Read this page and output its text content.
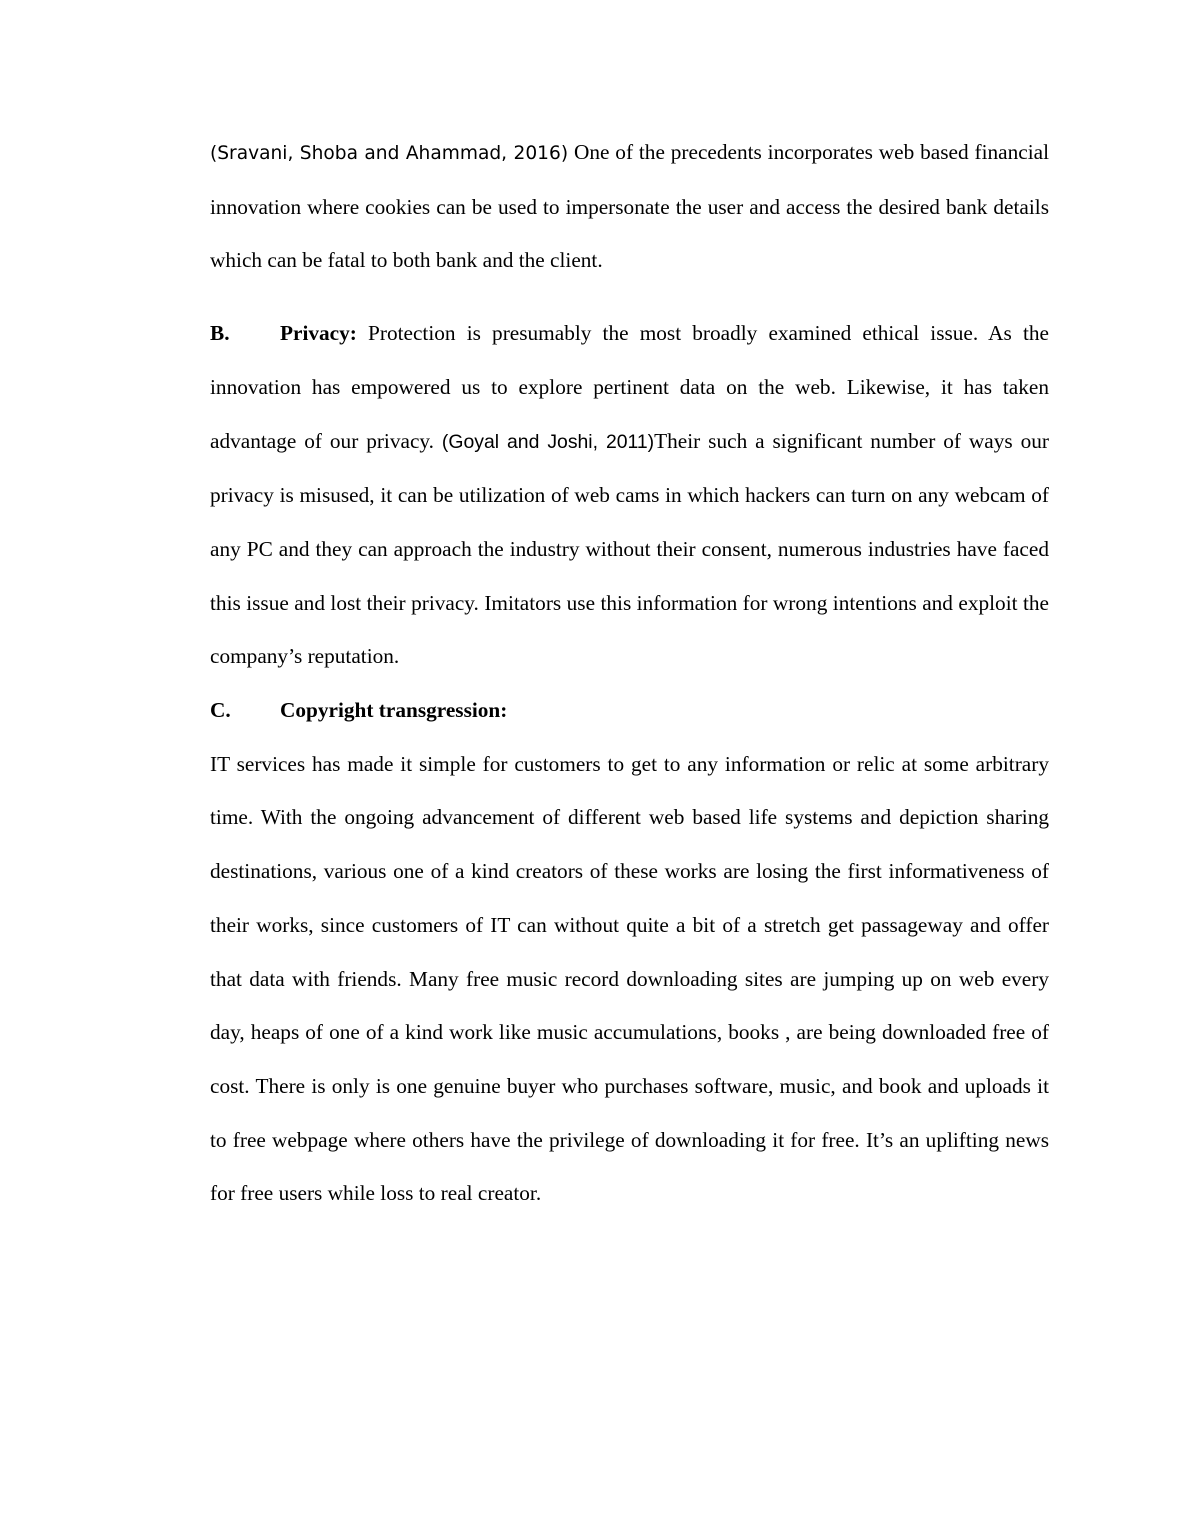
(Sravani, Shoba and Ahammad, 2016) One of the precedents incorporates web based financial innovation where cookies can be used to impersonate the user and access the desired bank details which can be fatal to both bank and the client.

B. Privacy: Protection is presumably the most broadly examined ethical issue. As the innovation has empowered us to explore pertinent data on the web. Likewise, it has taken advantage of our privacy. (Goyal and Joshi, 2011)Their such a significant number of ways our privacy is misused, it can be utilization of web cams in which hackers can turn on any webcam of any PC and they can approach the industry without their consent, numerous industries have faced this issue and lost their privacy. Imitators use this information for wrong intentions and exploit the company’s reputation.

C. Copyright transgression:

IT services has made it simple for customers to get to any information or relic at some arbitrary time. With the ongoing advancement of different web based life systems and depiction sharing destinations, various one of a kind creators of these works are losing the first informativeness of their works, since customers of IT can without quite a bit of a stretch get passageway and offer that data with friends. Many free music record downloading sites are jumping up on web every day, heaps of one of a kind work like music accumulations, books , are being downloaded free of cost. There is only is one genuine buyer who purchases software, music, and book and uploads it to free webpage where others have the privilege of downloading it for free. It’s an uplifting news for free users while loss to real creator.
